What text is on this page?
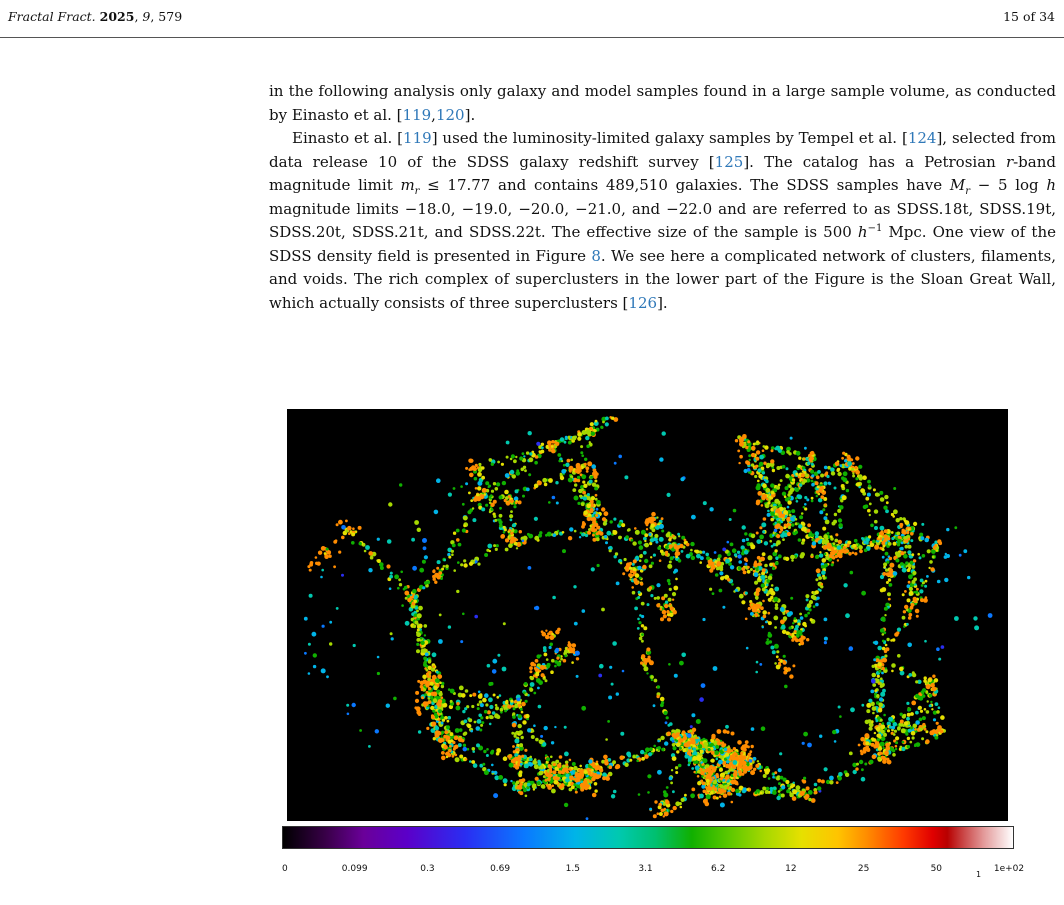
Fractal Fract. 2025, 9, 579	15 of 34

in the following analysis only galaxy and model samples found in a large sample volume, as conducted by Einasto et al. [119,120].

Einasto et al. [119] used the luminosity-limited galaxy samples by Tempel et al. [124], selected from data release 10 of the SDSS galaxy redshift survey [125]. The catalog has a Petrosian r-band magnitude limit $m_r \le 17.77$ and contains 489,510 galaxies. The SDSS samples have $M_r - 5$ log h magnitude limits −18.0, −19.0, −20.0, −21.0, and −22.0 and are referred to as SDSS.18t, SDSS.19t, SDSS.20t, SDSS.21t, and SDSS.22t. The effective size of the sample is 500 $h^{-1}$ Mpc. One view of the SDSS density field is presented in Figure 8. We see here a complicated network of clusters, filaments, and voids. The rich complex of superclusters in the lower part of the Figure is the Sloan Great Wall, which actually consists of three superclusters [126].

0	0.099	0.3	0.69	1.5	3.1	6.2	12	25	50	1e+02
1
